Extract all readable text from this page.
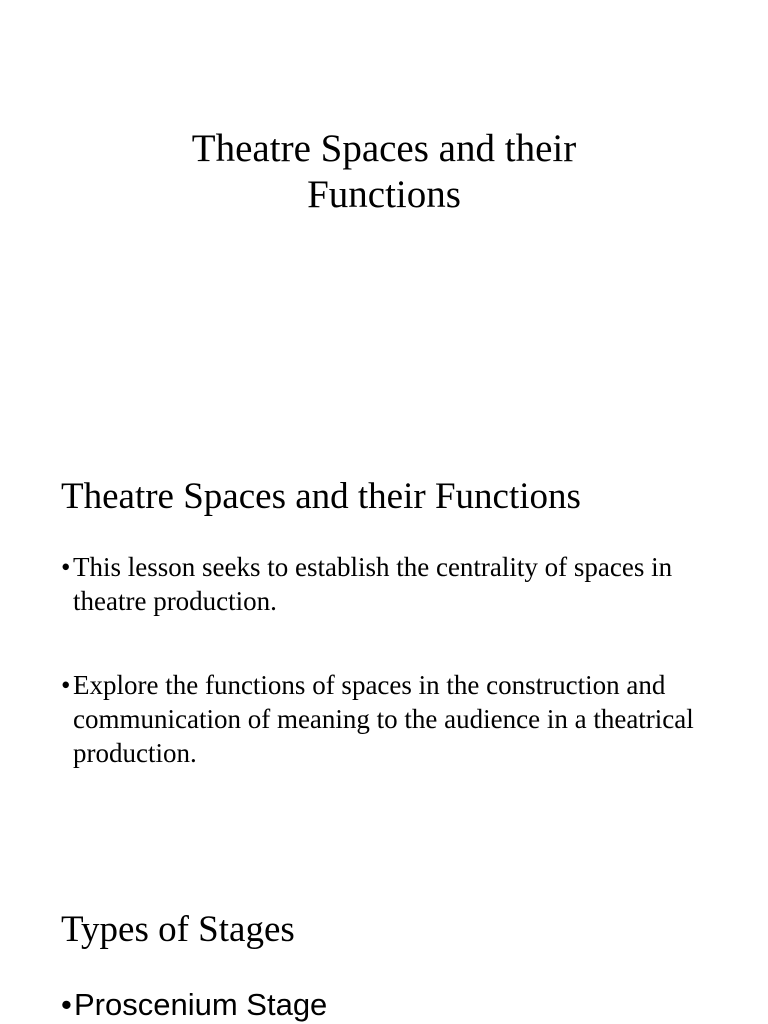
Theatre Spaces and their
Functions
Theatre Spaces and their Functions
• This lesson seeks to establish the centrality of spaces in theatre production.
• Explore the functions of spaces in the construction and communication of meaning to the audience in a theatrical production.
Types of Stages
• Proscenium Stage
